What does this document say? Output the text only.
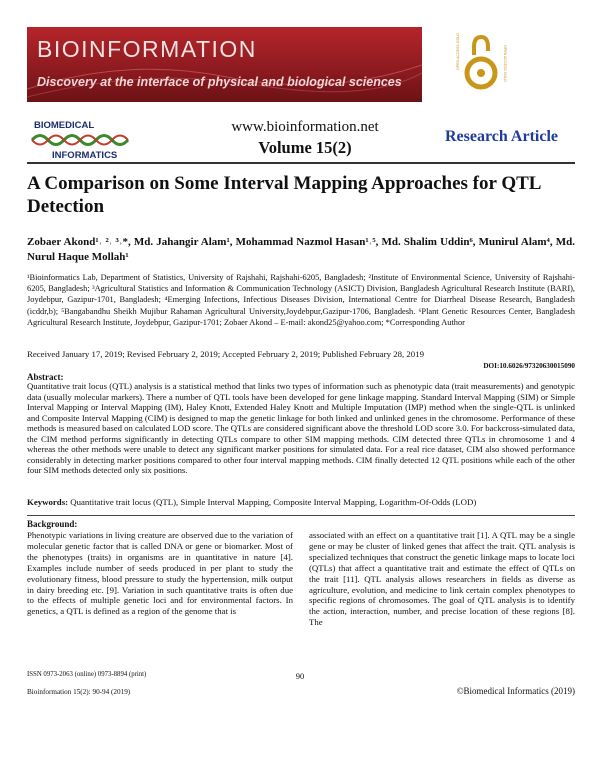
BIOINFORMATION
Discovery at the interface of physical and biological sciences
OPEN ACCESS GOLD	OPEN ACCESS GOLD
BIOMEDICAL
INFORMATICS
www.bioinformation.net
Volume 15(2)
Research Article
A Comparison on Some Interval Mapping Approaches for QTL Detection
Zobaer Akond¹˒ ²˒ ³˒*, Md. Jahangir Alam¹, Mohammad Nazmol Hasan¹˒⁵, Md. Shalim Uddin⁶, Munirul Alam⁴, Md. Nurul Haque Mollah¹
¹Bioinformatics Lab, Department of Statistics, University of Rajshahi, Rajshahi-6205, Bangladesh; ²Institute of Environmental Science, University of Rajshahi-6205, Bangladesh; ³Agricultural Statistics and Information & Communication Technology (ASICT) Division, Bangladesh Agricultural Research Institute (BARI), Joydebpur, Gazipur-1701, Bangladesh; ⁴Emerging Infections, Infectious Diseases Division, International Centre for Diarrheal Disease Research, Bangladesh (icddr,b); ⁵Bangabandhu Sheikh Mujibur Rahaman Agricultural University,Joydebpur,Gazipur-1706, Bangladesh. ⁶Plant Genetic Resources Center, Bangladesh Agricultural Research Institute, Joydebpur, Gazipur-1701; Zobaer Akond – E-mail: akond25@yahoo.com; *Corresponding Author
Received January 17, 2019; Revised February 2, 2019; Accepted February 2, 2019; Published February 28, 2019
DOI:10.6026/97320630015090
Abstract:
Quantitative trait locus (QTL) analysis is a statistical method that links two types of information such as phenotypic data (trait measurements) and genotypic data (usually molecular markers). There a number of QTL tools have been developed for gene linkage mapping. Standard Interval Mapping (SIM) or Simple Interval Mapping or Interval Mapping (IM), Haley Knott, Extended Haley Knott and Multiple Imputation (IMP) method when the single-QTL is unlinked and Composite Interval Mapping (CIM) is designed to map the genetic linkage for both linked and unlinked genes in the chromosome. Performance of these methods is measured based on calculated LOD score. The QTLs are considered significant above the threshold LOD score 3.0. For backcross-simulated data, the CIM method performs significantly in detecting QTLs compare to other SIM mapping methods. CIM detected three QTLs in chromosome 1 and 4 whereas the other methods were unable to detect any significant marker positions for simulated data. For a real rice dataset, CIM also showed performance considerably in detecting marker positions compared to other four interval mapping methods. CIM finally detected 12 QTL positions while each of the other four SIM methods detected only six positions.
Keywords: Quantitative trait locus (QTL), Simple Interval Mapping, Composite Interval Mapping, Logarithm-Of-Odds (LOD)
Background:
Phenotypic variations in living creature are observed due to the variation of molecular genetic factor that is called DNA or gene or biomarker. Most of the phenotypes (traits) in organisms are in quantitative in nature [4]. Examples include number of seeds produced in per plant to study the evolutionary fitness, blood pressure to study the hypertension, milk output in dairy breeding etc. [9]. Variation in such quantitative traits is often due to the effects of multiple genetic loci and for environmental factors. In genetics, a QTL is defined as a region of the genome that is
associated with an effect on a quantitative trait [1]. A QTL may be a single gene or may be cluster of linked genes that affect the trait. QTL analysis is specialized techniques that construct the genetic linkage maps to locate loci (QTLs) that affect a quantitative trait and estimate the effect of QTLs on the trait [11]. QTL analysis allows researchers in fields as diverse as agriculture, evolution, and medicine to link certain complex phenotypes to specific regions of chromosomes. The goal of QTL analysis is to identify the action, interaction, number, and precise location of these regions [8]. The
ISSN 0973-2063 (online) 0973-8894 (print)	90
Bioinformation 15(2): 90-94 (2019)	©Biomedical Informatics (2019)
